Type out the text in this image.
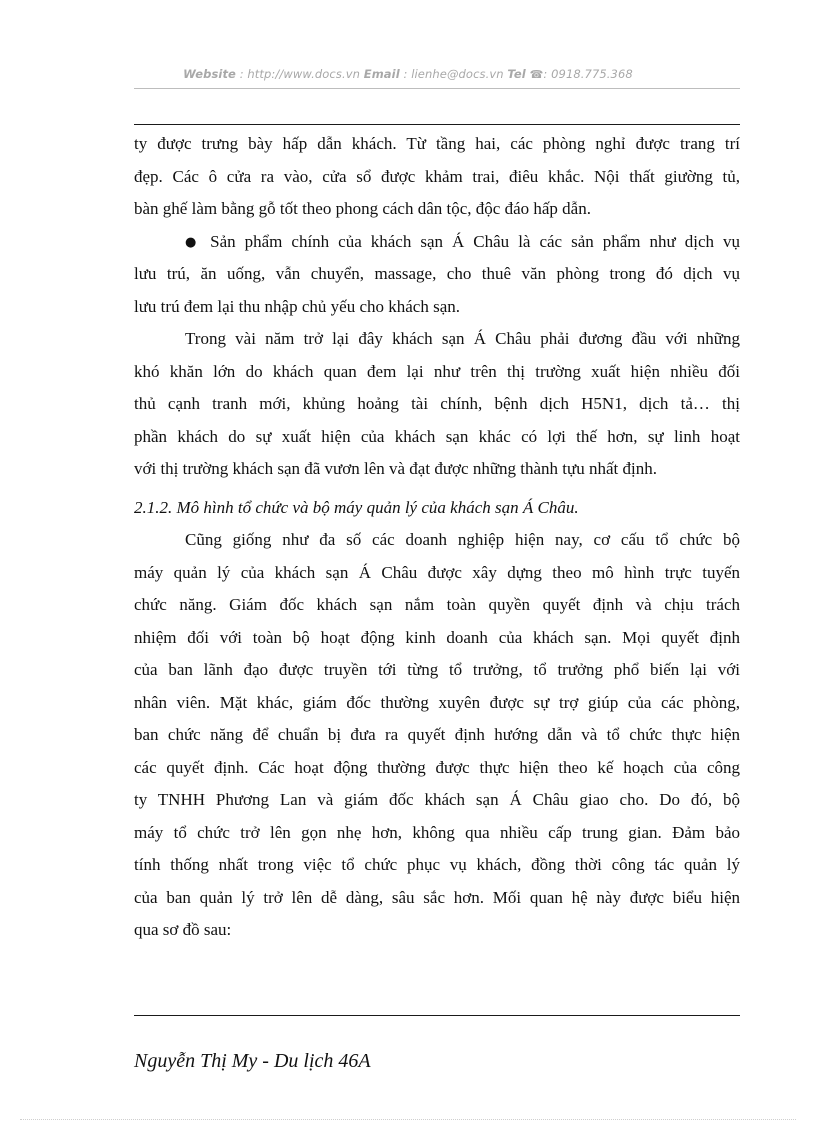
Website : http://www.docs.vn Email : lienhe@docs.vn Tel ☎: 0918.775.368
ty được trưng bày hấp dẫn khách. Từ tầng hai, các phòng nghỉ được trang trí
đẹp. Các ô cửa ra vào, cửa sổ được khảm trai, điêu khắc. Nội thất giường tủ,
bàn ghế làm bằng gỗ tốt theo phong cách dân tộc, độc đáo hấp dẫn.
● Sản phẩm chính của khách sạn Á Châu là các sản phẩm như dịch vụ
lưu trú, ăn uống, vẫn chuyển, massage, cho thuê văn phòng trong đó dịch vụ
lưu trú đem lại thu nhập chủ yếu cho khách sạn.
Trong vài năm trở lại đây khách sạn Á Châu phải đương đầu với những
khó khăn lớn do khách quan đem lại như trên thị trường xuất hiện nhiều đối
thủ cạnh tranh mới, khủng hoảng tài chính, bệnh dịch H5N1, dịch tả… thị
phần khách do sự xuất hiện của khách sạn khác có lợi thế hơn, sự linh hoạt
với thị trường khách sạn đã vươn lên và đạt được những thành tựu nhất định.
2.1.2. Mô hình tổ chức và bộ máy quản lý của khách sạn Á Châu.
Cũng giống như đa số các doanh nghiệp hiện nay, cơ cấu tổ chức bộ
máy quản lý của khách sạn Á Châu được xây dựng theo mô hình trực tuyến
chức năng. Giám đốc khách sạn nắm toàn quyền quyết định và chịu trách
nhiệm đối với toàn bộ hoạt động kinh doanh của khách sạn. Mọi quyết định
của ban lãnh đạo được truyền tới từng tổ trưởng, tổ trưởng phổ biến lại với
nhân viên. Mặt khác, giám đốc thường xuyên được sự trợ giúp của các phòng,
ban chức năng để chuẩn bị đưa ra quyết định hướng dẫn và tổ chức thực hiện
các quyết định. Các hoạt động thường được thực hiện theo kế hoạch của công
ty TNHH Phương Lan và giám đốc khách sạn Á Châu giao cho. Do đó, bộ
máy tổ chức trở lên gọn nhẹ hơn, không qua nhiều cấp trung gian. Đảm bảo
tính thống nhất trong việc tổ chức phục vụ khách, đồng thời công tác quản lý
của ban quản lý trở lên dễ dàng, sâu sắc hơn. Mối quan hệ này được biểu hiện
qua sơ đồ sau:
Nguyễn Thị My - Du lịch 46A
